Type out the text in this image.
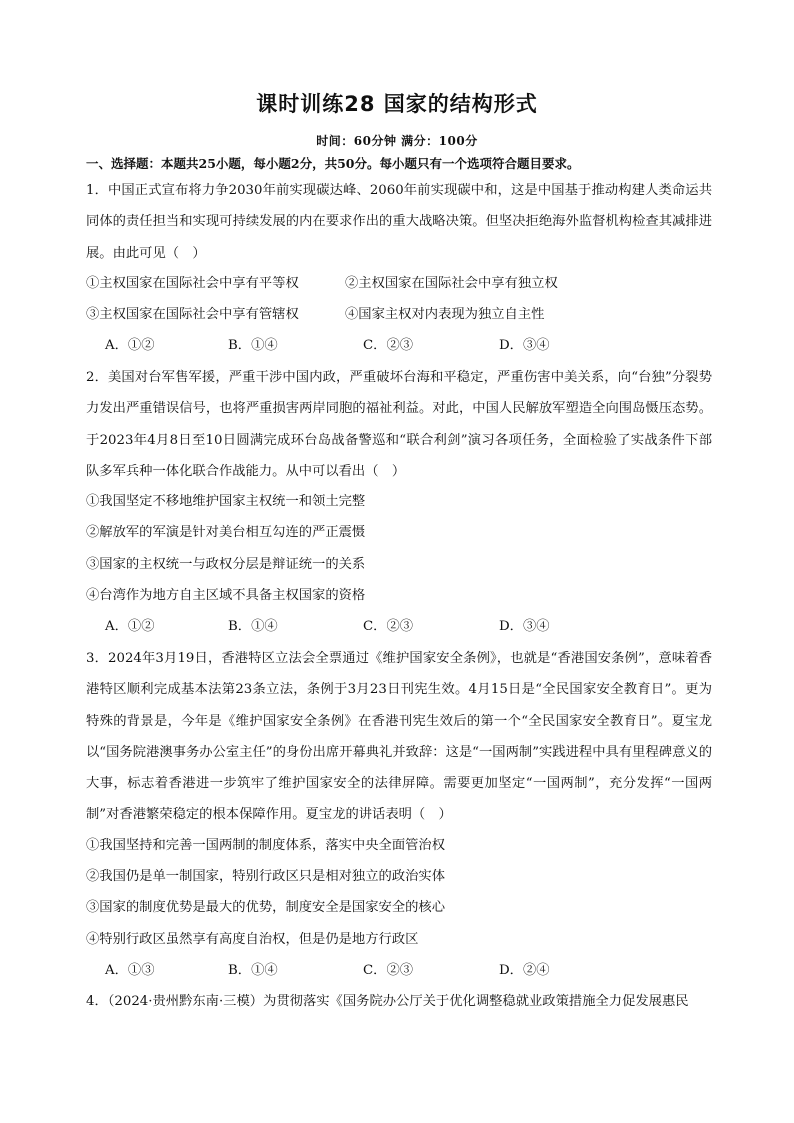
课时训练28 国家的结构形式
时间：60分钟 满分：100分
一、选择题：本题共25小题，每小题2分，共50分。每小题只有一个选项符合题目要求。
1．中国正式宣布将力争2030年前实现碳达峰、2060年前实现碳中和，这是中国基于推动构建人类命运共同体的责任担当和实现可持续发展的内在要求作出的重大战略决策。但坚决拒绝海外监督机构检查其减排进展。由此可见（　）
①主权国家在国际社会中享有平等权	②主权国家在国际社会中享有独立权
③主权国家在国际社会中享有管辖权	④国家主权对内表现为独立自主性
A．①②	B．①④	C．②③	D．③④
2．美国对台军售军援，严重干涉中国内政，严重破坏台海和平稳定，严重伤害中美关系，向“台独”分裂势力发出严重错误信号，也将严重损害两岸同胞的福祉利益。对此，中国人民解放军塑造全向围岛慑压态势。于2023年4月8日至10日圆满完成环台岛战备警巡和“联合利剑”演习各项任务，全面检验了实战条件下部队多军兵种一体化联合作战能力。从中可以看出（　）
①我国坚定不移地维护国家主权统一和领土完整
②解放军的军演是针对美台相互勾连的严正震慑
③国家的主权统一与政权分层是辩证统一的关系
④台湾作为地方自主区域不具备主权国家的资格
A．①②	B．①④	C．②③	D．③④
3．2024年3月19日，香港特区立法会全票通过《维护国家安全条例》，也就是“香港国安条例”，意味着香港特区顺利完成基本法第23条立法，条例于3月23日刊宪生效。4月15日是“全民国家安全教育日”。更为特殊的背景是，今年是《维护国家安全条例》在香港刊宪生效后的第一个“全民国家安全教育日”。夏宝龙以“国务院港澳事务办公室主任”的身份出席开幕典礼并致辞：这是“一国两制”实践进程中具有里程碑意义的大事，标志着香港进一步筑牢了维护国家安全的法律屏障。需要更加坚定“一国两制”，充分发挥“一国两制”对香港繁荣稳定的根本保障作用。夏宝龙的讲话表明（　）
①我国坚持和完善一国两制的制度体系，落实中央全面管治权
②我国仍是单一制国家，特别行政区只是相对独立的政治实体
③国家的制度优势是最大的优势，制度安全是国家安全的核心
④特别行政区虽然享有高度自治权，但是仍是地方行政区
A．①③	B．①④	C．②③	D．②④
4．（2024·贵州黔东南·三模）为贯彻落实《国务院办公厅关于优化调整稳就业政策措施全力促发展惠民
